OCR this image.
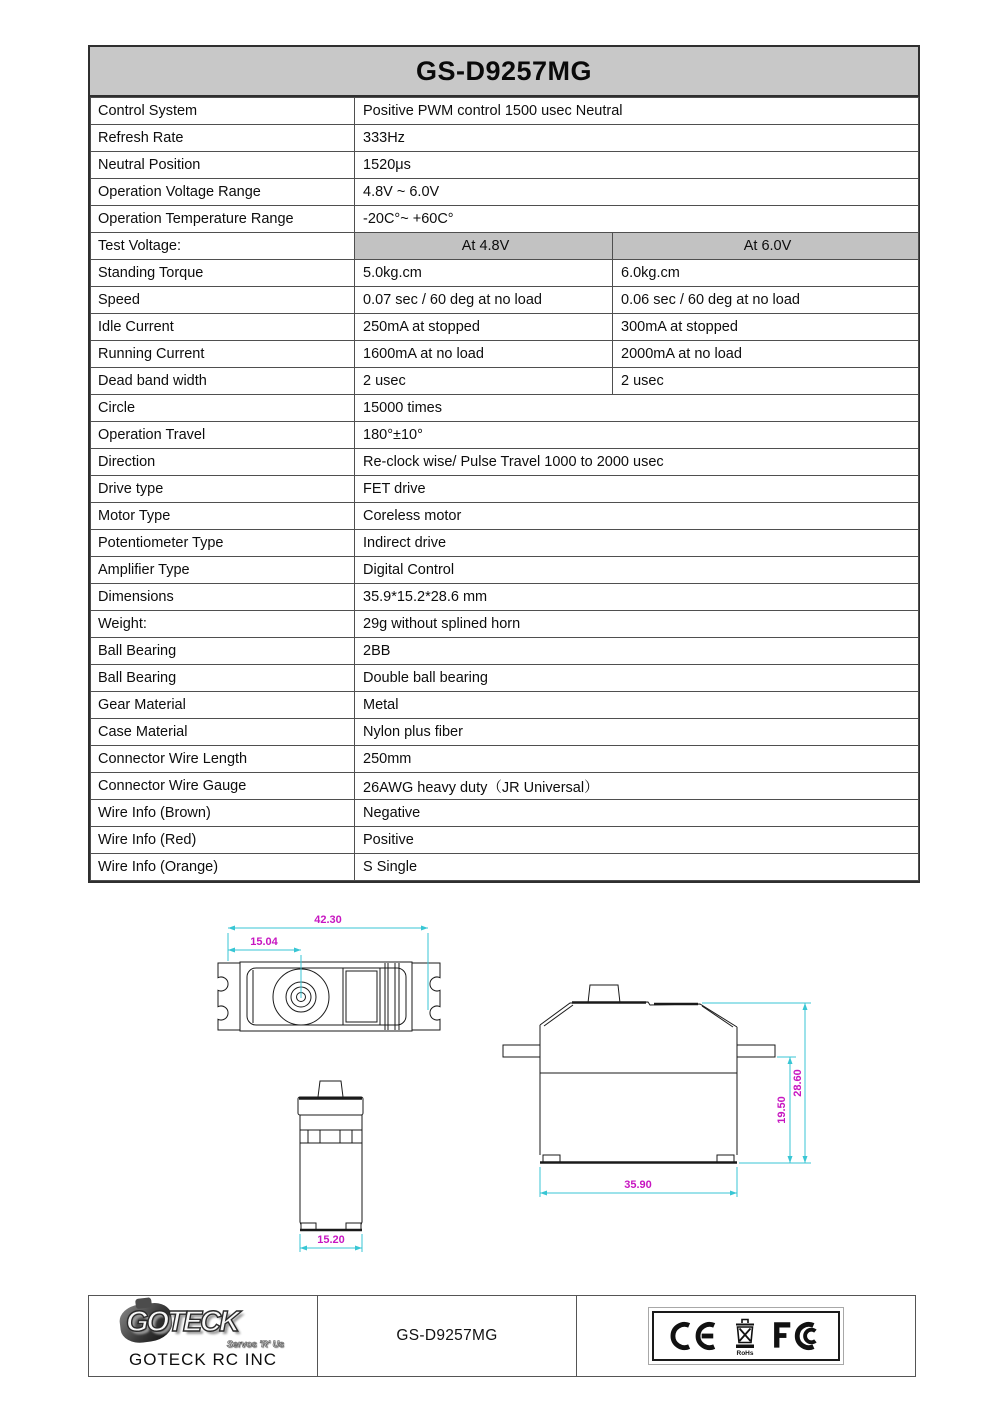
GS-D9257MG
Control System	Positive PWM control 1500 usec Neutral	
Refresh Rate	333Hz	
Neutral Position	1520μs	
Operation Voltage Range	4.8V ~ 6.0V	
Operation Temperature Range	-20C°~ +60C°	
Test Voltage:	At 4.8V	At 6.0V
Standing Torque	5.0kg.cm	6.0kg.cm
Speed	0.07 sec / 60 deg at no load	0.06 sec / 60 deg at no load
Idle Current	250mA at stopped	300mA at stopped
Running Current	1600mA at no load	2000mA at no load
Dead band width	2 usec	2 usec
Circle	15000 times	
Operation Travel	180°±10°	
Direction	Re-clock wise/ Pulse Travel 1000 to 2000 usec	
Drive type	FET drive	
Motor Type	Coreless motor	
Potentiometer Type	Indirect drive	
Amplifier Type	Digital Control	
Dimensions	35.9*15.2*28.6 mm	
Weight:	29g without splined horn	
Ball Bearing	2BB	
Ball Bearing	Double ball bearing	
Gear Material	Metal	
Case Material	Nylon plus fiber	
Connector Wire Length	250mm	
Connector Wire Gauge	26AWG heavy duty（JR Universal）	
Wire Info (Brown)	Negative	
Wire Info (Red)	Positive	
Wire Info (Orange)	S Single	
42.30
15.04
15.20
35.90
19.50
28.60
GOTECK
Servos 'R' Us
GOTECK RC INC
GS-D9257MG
RoHs
